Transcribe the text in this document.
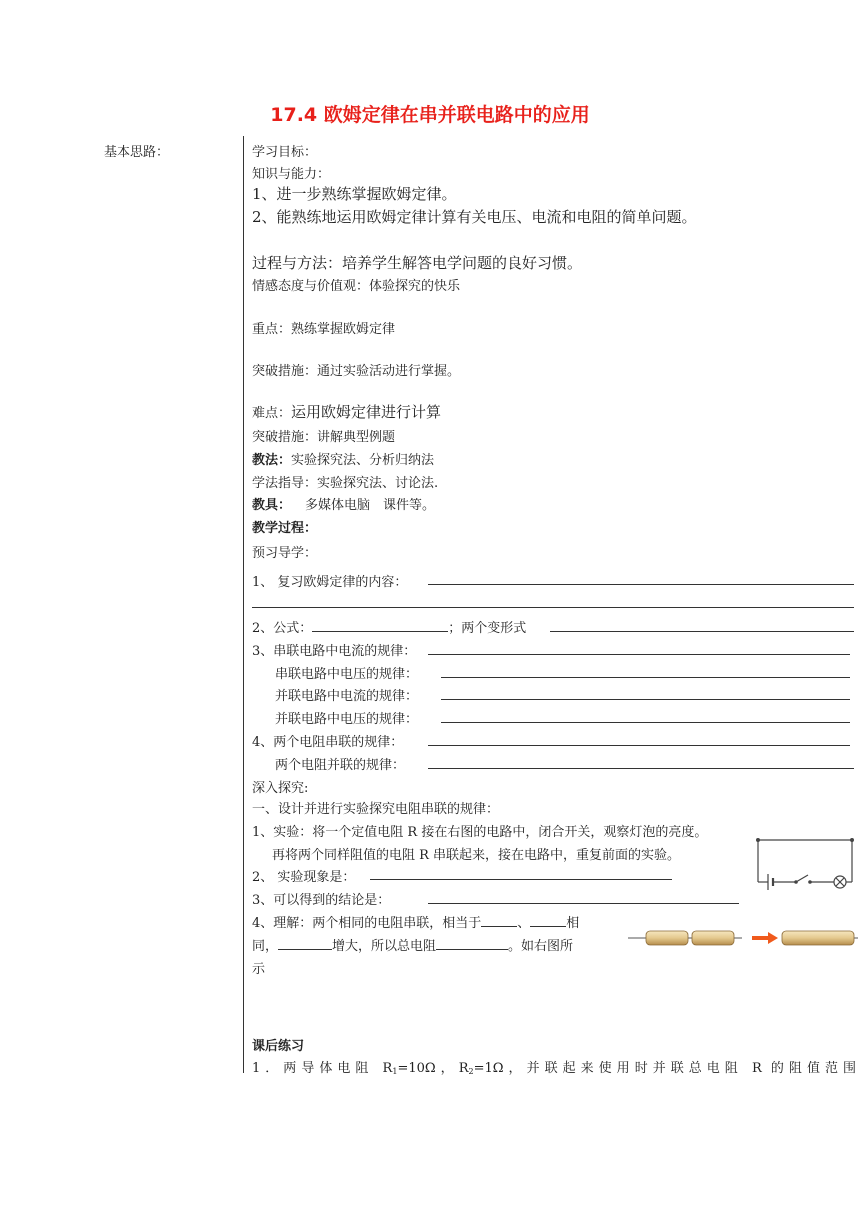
17.4 欧姆定律在串并联电路中的应用
基本思路：	学习目标：
知识与能力：
1、进一步熟练掌握欧姆定律。
2、能熟练地运用欧姆定律计算有关电压、电流和电阻的简单问题。
过程与方法：培养学生解答电学问题的良好习惯。
情感态度与价值观：体验探究的快乐
重点：熟练掌握欧姆定律
突破措施：通过实验活动进行掌握。
难点：运用欧姆定律进行计算
突破措施：讲解典型例题
教法：实验探究法、分析归纳法
学法指导：实验探究法、讨论法.
教具： 多媒体电脑　课件等。
教学过程：
预习导学：
1、 复习欧姆定律的内容：
2、公式：	；两个变形式
3、串联电路中电流的规律：
串联电路中电压的规律：
并联电路中电流的规律：
并联电路中电压的规律：
4、两个电阻串联的规律：
两个电阻并联的规律：
深入探究:
一、设计并进行实验探究电阻串联的规律：
1、实验：将一个定值电阻 R 接在右图的电路中，闭合开关，观察灯泡的亮度。
再将两个同样阻值的电阻 R 串联起来，接在电路中，重复前面的实验。
2、 实验现象是：
3、可以得到的结论是：
4、理解：两个相同的电阻串联，相当于	、	相
同，	增大，所以总电阻	。如右图所
示
课后练习
1．两导体电阻 $R_1=10\Omega$，$R_2=1\Omega$，并联起来使用时并联总电阻 R 的阻值范围
